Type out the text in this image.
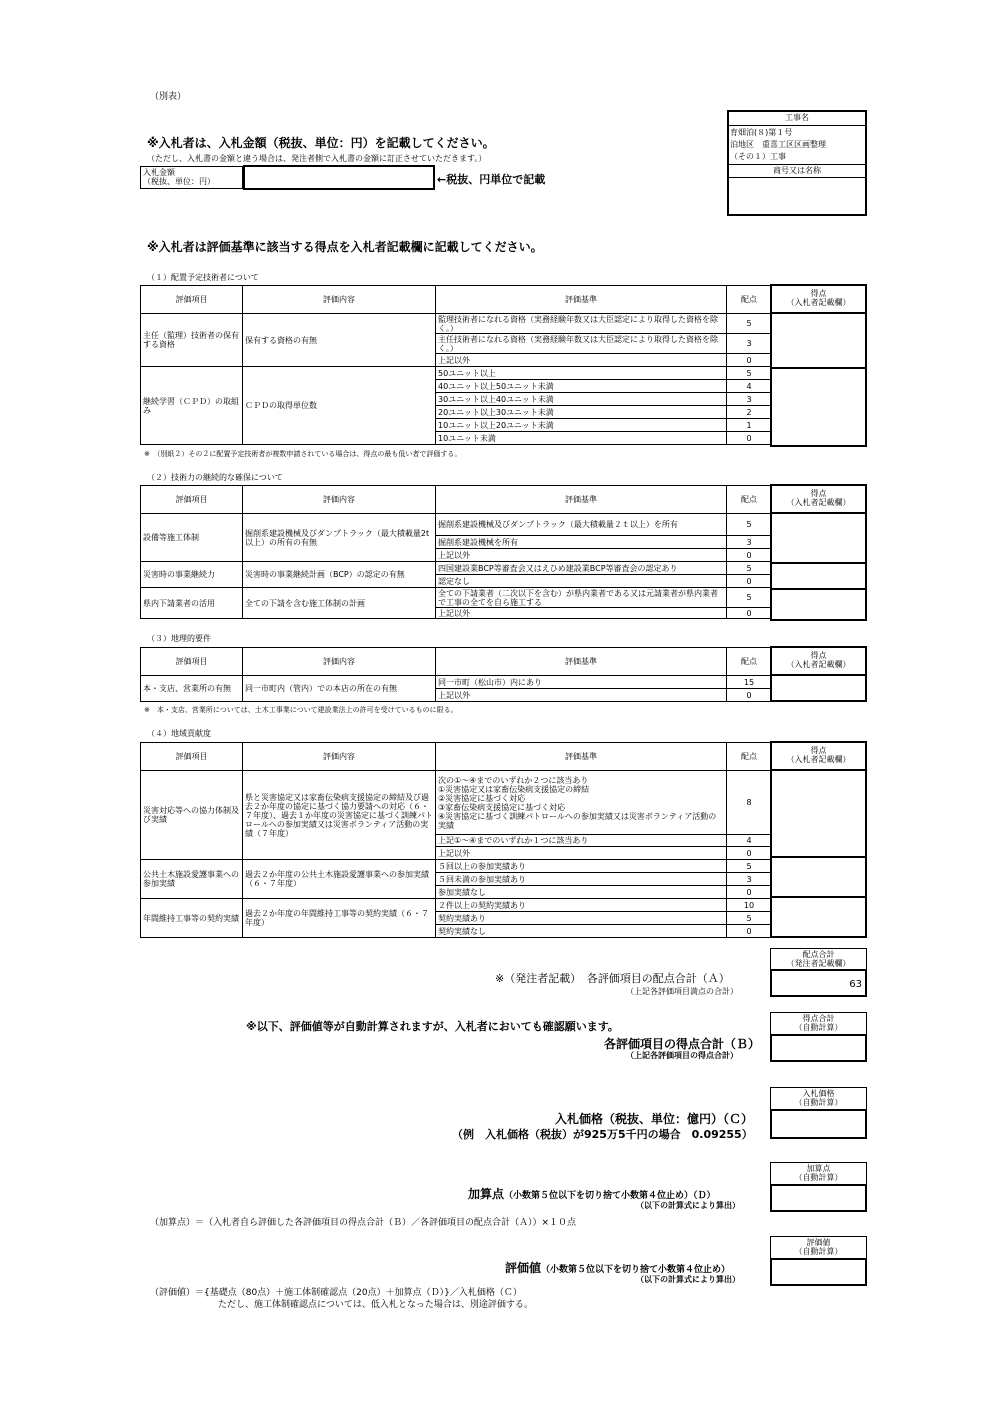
（別表）
工事名
育畑泊(８)第１号
泊地区　重喜工区区画整理
（その１）工事
商号又は名称
※入札者は、入札金額（税抜、単位：円）を記載してください。
（ただし、入札書の金額と違う場合は、発注者側で入札書の金額に訂正させていただきます。）
入札金額
（税抜、単位：円）	←税抜、円単位で記載
※入札者は評価基準に該当する得点を入札者記載欄に記載してください。
（１）配置予定技術者について
評価項目	評価内容	評価基準	配点
主任（監理）技術者の保有する資格	保有する資格の有無	監理技術者になれる資格（実務経験年数又は大臣認定により取得した資格を除く。）	5
		主任技術者になれる資格（実務経験年数又は大臣認定により取得した資格を除く。）	3
		上記以外	0
継続学習（ＣＰＤ）の取組み	ＣＰＤの取得単位数	50ユニット以上	5
		40ユニット以上50ユニット未満	4
		30ユニット以上40ユニット未満	3
		20ユニット以上30ユニット未満	2
		10ユニット以上20ユニット未満	1
		10ユニット未満	0
得点
（入札者記載欄）
※　（別紙２）その２に配置予定技術者が複数申請されている場合は、得点の最も低い者で評価する。
（２）技術力の継続的な確保について
評価項目	評価内容	評価基準	配点
設備等施工体制	掘削系建設機械及びダンプトラック（最大積載量2t以上）の所有の有無	掘削系建設機械及びダンプトラック（最大積載量２ｔ以上）を所有	5
		掘削系建設機械を所有	3
		上記以外	0
災害時の事業継続力	災害時の事業継続計画（BCP）の認定の有無	四国建設業BCP等審査会又はえひめ建設業BCP等審査会の認定あり	5
		認定なし	0
県内下請業者の活用	全ての下請を含む施工体制の計画	全ての下請業者（二次以下を含む）が県内業者である又は元請業者が県内業者で工事の全てを自ら施工する	5
		上記以外	0
得点
（入札者記載欄）
（３）地理的要件
評価項目	評価内容	評価基準	配点
本・支店、営業所の有無	同一市町内（管内）での本店の所在の有無	同一市町（松山市）内にあり	15
		上記以外	0
得点
（入札者記載欄）
※　本・支店、営業所については、土木工事業について建設業法上の許可を受けているものに限る。
（４）地域貢献度
評価項目	評価内容	評価基準	配点
災害対応等への協力体制及び実績	県と災害協定又は家畜伝染病支援協定の締結及び過去２か年度の協定に基づく協力要請への対応（６・７年度）、過去１か年度の災害協定に基づく訓練パトロールへの参加実績又は災害ボランティア活動の実績（７年度）	次の①～④までのいずれか２つに該当あり
①災害協定又は家畜伝染病支援協定の締結
②災害協定に基づく対応
③家畜伝染病支援協定に基づく対応
④災害協定に基づく訓練パトロールへの参加実績又は災害ボランティア活動の実績	8
		上記①～④までのいずれか１つに該当あり	4
		上記以外	0
公共土木施設愛護事業への参加実績	過去２か年度の公共土木施設愛護事業への参加実績（６・７年度）	５回以上の参加実績あり	5
		５回未満の参加実績あり	3
		参加実績なし	0
年間維持工事等の契約実績	過去２か年度の年間維持工事等の契約実績（６・７年度）	２件以上の契約実績あり	10
		契約実績あり	5
		契約実績なし	0
得点
（入札者記載欄）
配点合計
（発注者記載欄）
63
※（発注者記載）　各評価項目の配点合計（Ａ）
（上記各評価項目満点の合計）
※以下、評価値等が自動計算されますが、入札者においても確認願います。
得点合計
（自動計算）
各評価項目の得点合計（Ｂ）
（上記各評価項目の得点合計）
入札価格
（自動計算）
入札価格（税抜、単位：億円）（Ｃ）
（例　入札価格（税抜）が925万5千円の場合　0.09255）
加算点
（自動計算）
加算点（小数第５位以下を切り捨て小数第４位止め）（Ｄ）
（以下の計算式により算出）
（加算点）＝（入札者自ら評価した各評価項目の得点合計（Ｂ）／各評価項目の配点合計（Ａ））×１０点
評価値
（自動計算）
評価値（小数第５位以下を切り捨て小数第４位止め）
（以下の計算式により算出）
（評価値）＝{基礎点（80点）＋施工体制確認点（20点）＋加算点（Ｄ）}／入札価格（Ｃ）
ただし、施工体制確認点については、低入札となった場合は、別途評価する。
